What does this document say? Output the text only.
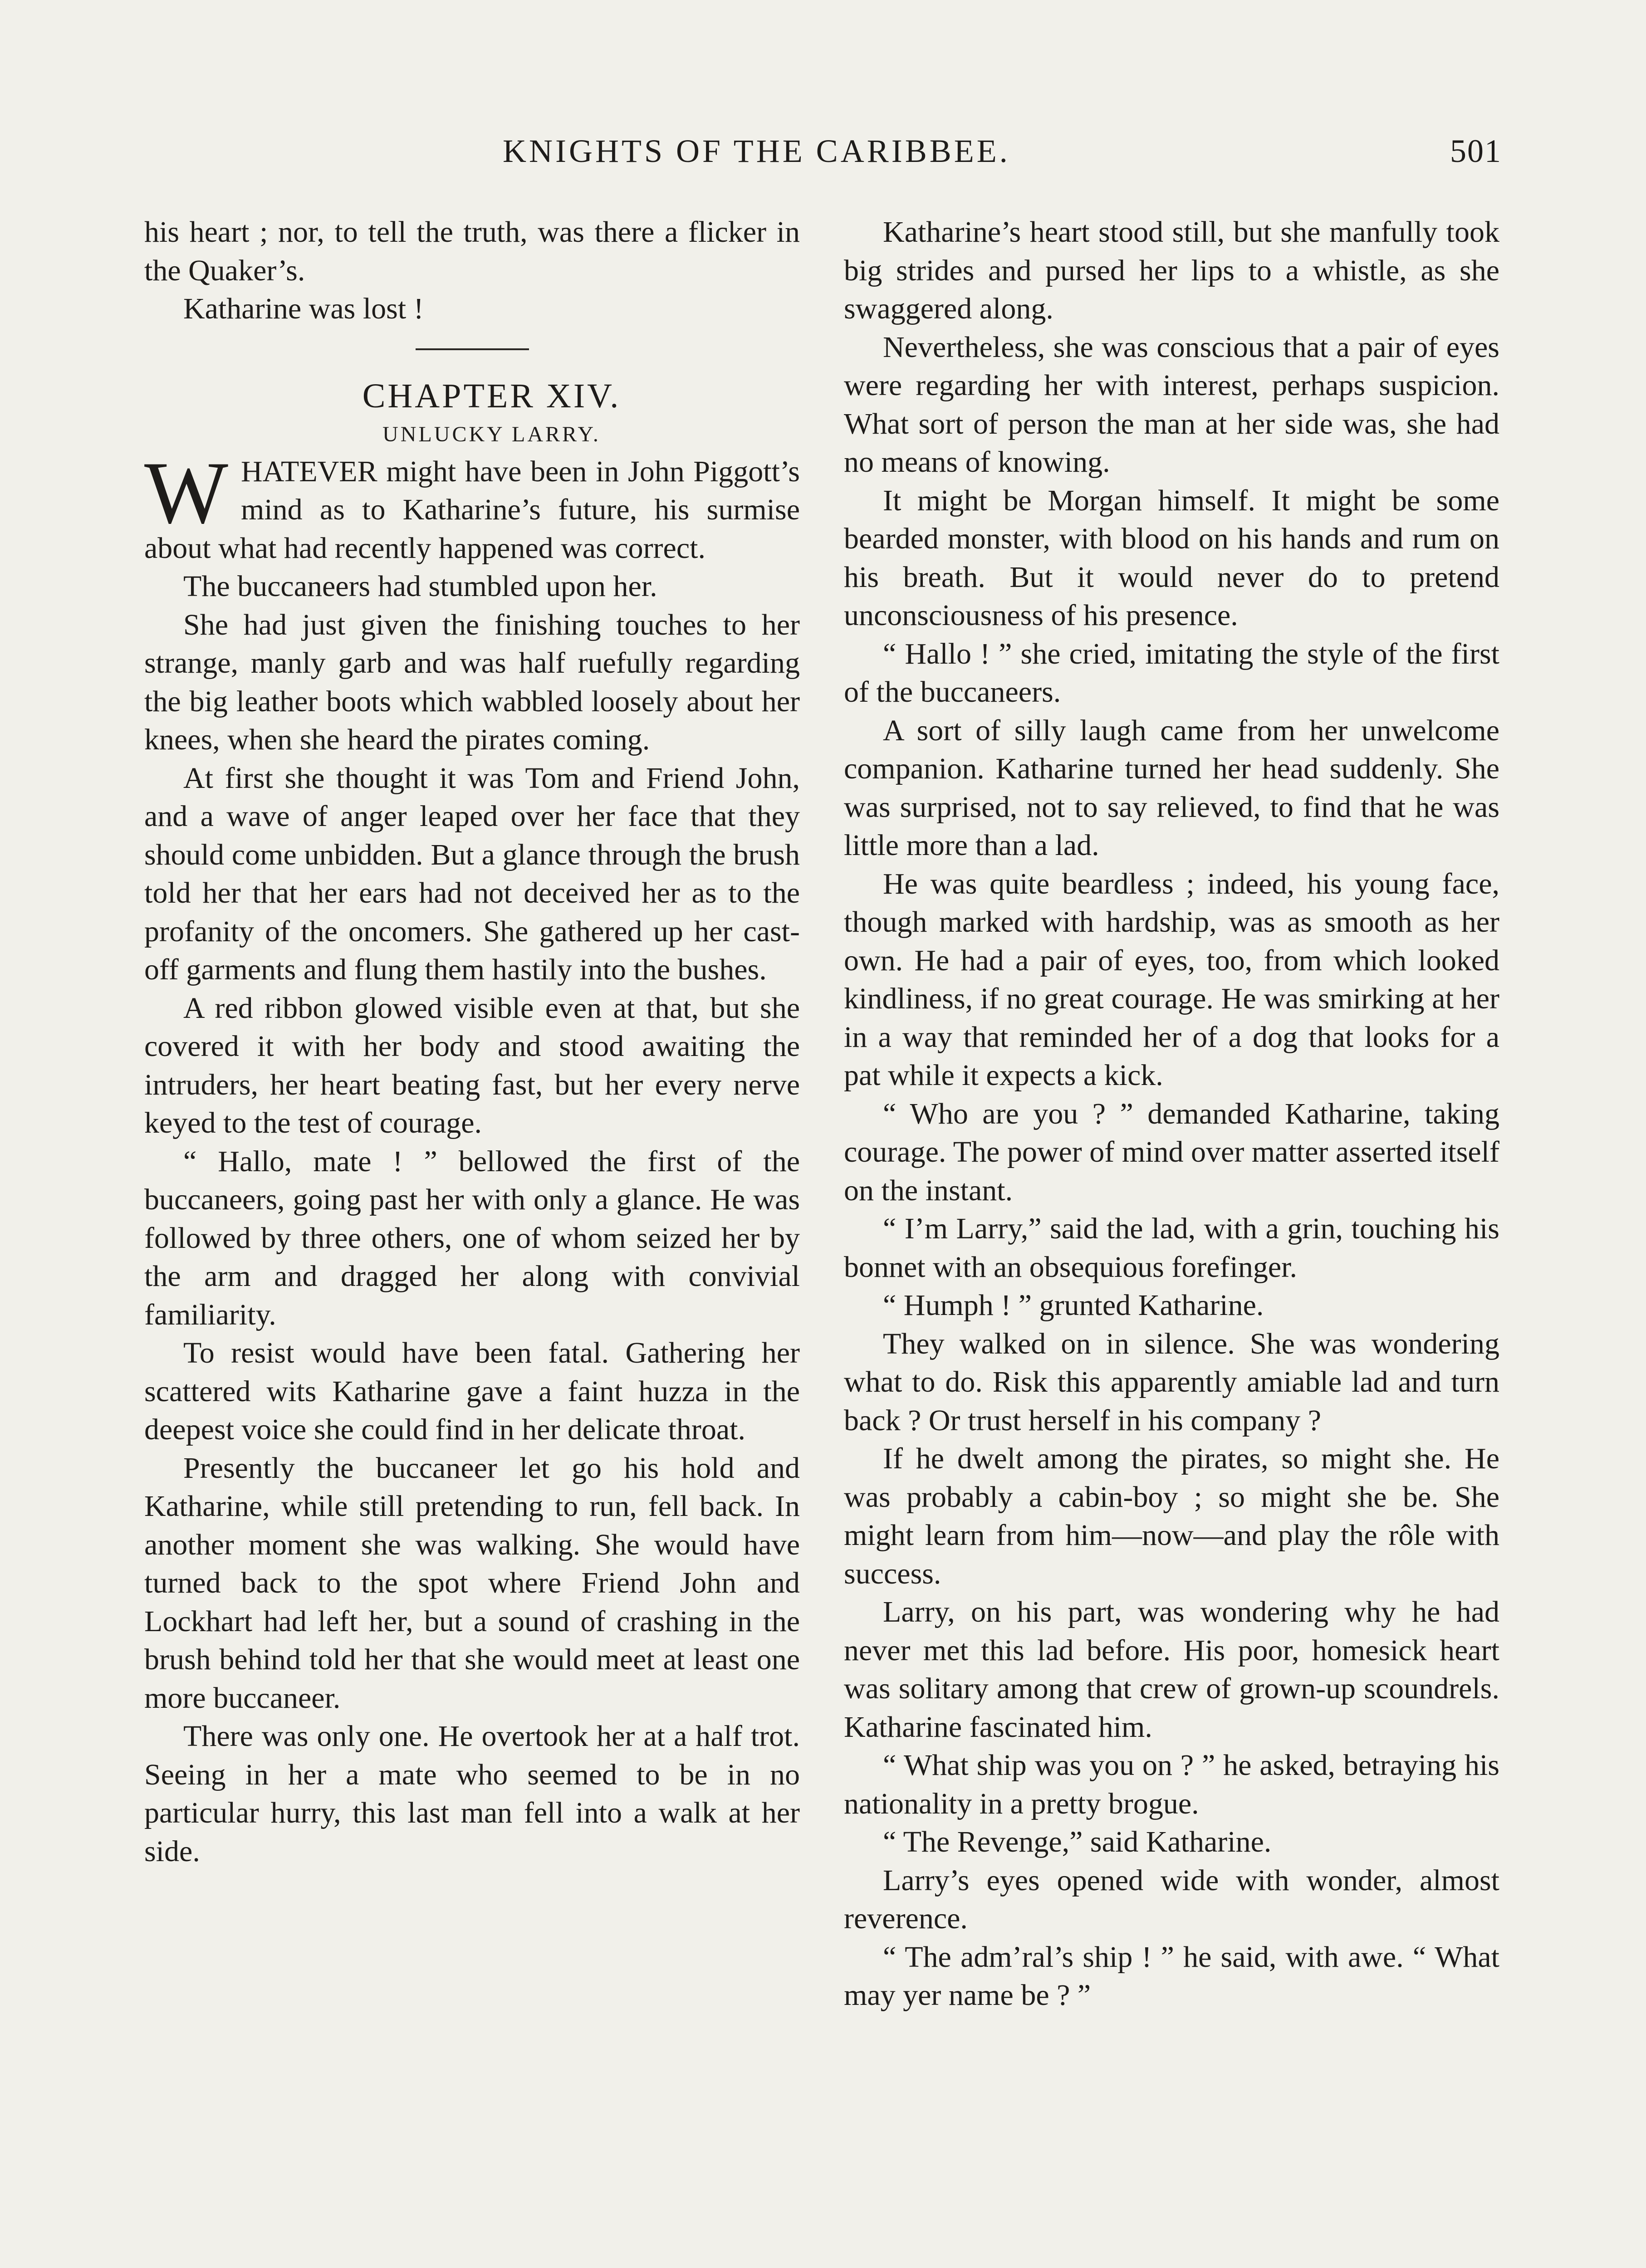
KNIGHTS OF THE CARIBBEE.	501

his heart ; nor, to tell the truth, was there a flicker in the Quaker’s.

Katharine was lost !

CHAPTER XIV.

UNLUCKY LARRY.

W HATEVER might have been in John Piggott’s mind as to Katharine’s future, his surmise about what had recently happened was correct.

The buccaneers had stumbled upon her.

She had just given the finishing touches to her strange, manly garb and was half ruefully regarding the big leather boots which wabbled loosely about her knees, when she heard the pirates coming.

At first she thought it was Tom and Friend John, and a wave of anger leaped over her face that they should come unbidden. But a glance through the brush told her that her ears had not deceived her as to the profanity of the oncomers. She gathered up her cast-off garments and flung them hastily into the bushes.

A red ribbon glowed visible even at that, but she covered it with her body and stood awaiting the intruders, her heart beating fast, but her every nerve keyed to the test of courage.

“ Hallo, mate ! ” bellowed the first of the buccaneers, going past her with only a glance. He was followed by three others, one of whom seized her by the arm and dragged her along with convivial familiarity.

To resist would have been fatal. Gathering her scattered wits Katharine gave a faint huzza in the deepest voice she could find in her delicate throat.

Presently the buccaneer let go his hold and Katharine, while still pretending to run, fell back. In another moment she was walking. She would have turned back to the spot where Friend John and Lockhart had left her, but a sound of crashing in the brush behind told her that she would meet at least one more buccaneer.

There was only one. He overtook her at a half trot. Seeing in her a mate who seemed to be in no particular hurry, this last man fell into a walk at her side.

Katharine’s heart stood still, but she manfully took big strides and pursed her lips to a whistle, as she swaggered along.

Nevertheless, she was conscious that a pair of eyes were regarding her with interest, perhaps suspicion. What sort of person the man at her side was, she had no means of knowing.

It might be Morgan himself. It might be some bearded monster, with blood on his hands and rum on his breath. But it would never do to pretend unconsciousness of his presence.

“ Hallo ! ” she cried, imitating the style of the first of the buccaneers.

A sort of silly laugh came from her unwelcome companion. Katharine turned her head suddenly. She was surprised, not to say relieved, to find that he was little more than a lad.

He was quite beardless ; indeed, his young face, though marked with hardship, was as smooth as her own. He had a pair of eyes, too, from which looked kindliness, if no great courage. He was smirking at her in a way that reminded her of a dog that looks for a pat while it expects a kick.

“ Who are you ? ” demanded Katharine, taking courage. The power of mind over matter asserted itself on the instant.

“ I’m Larry,” said the lad, with a grin, touching his bonnet with an obsequious forefinger.

“ Humph ! ” grunted Katharine.

They walked on in silence. She was wondering what to do. Risk this apparently amiable lad and turn back ? Or trust herself in his company ?

If he dwelt among the pirates, so might she. He was probably a cabin-boy ; so might she be. She might learn from him—now—and play the rôle with success.

Larry, on his part, was wondering why he had never met this lad before. His poor, homesick heart was solitary among that crew of grown-up scoundrels. Katharine fascinated him.

“ What ship was you on ? ” he asked, betraying his nationality in a pretty brogue.

“ The Revenge,” said Katharine.

Larry’s eyes opened wide with wonder, almost reverence.

“ The adm’ral’s ship ! ” he said, with awe. “ What may yer name be ? ”
